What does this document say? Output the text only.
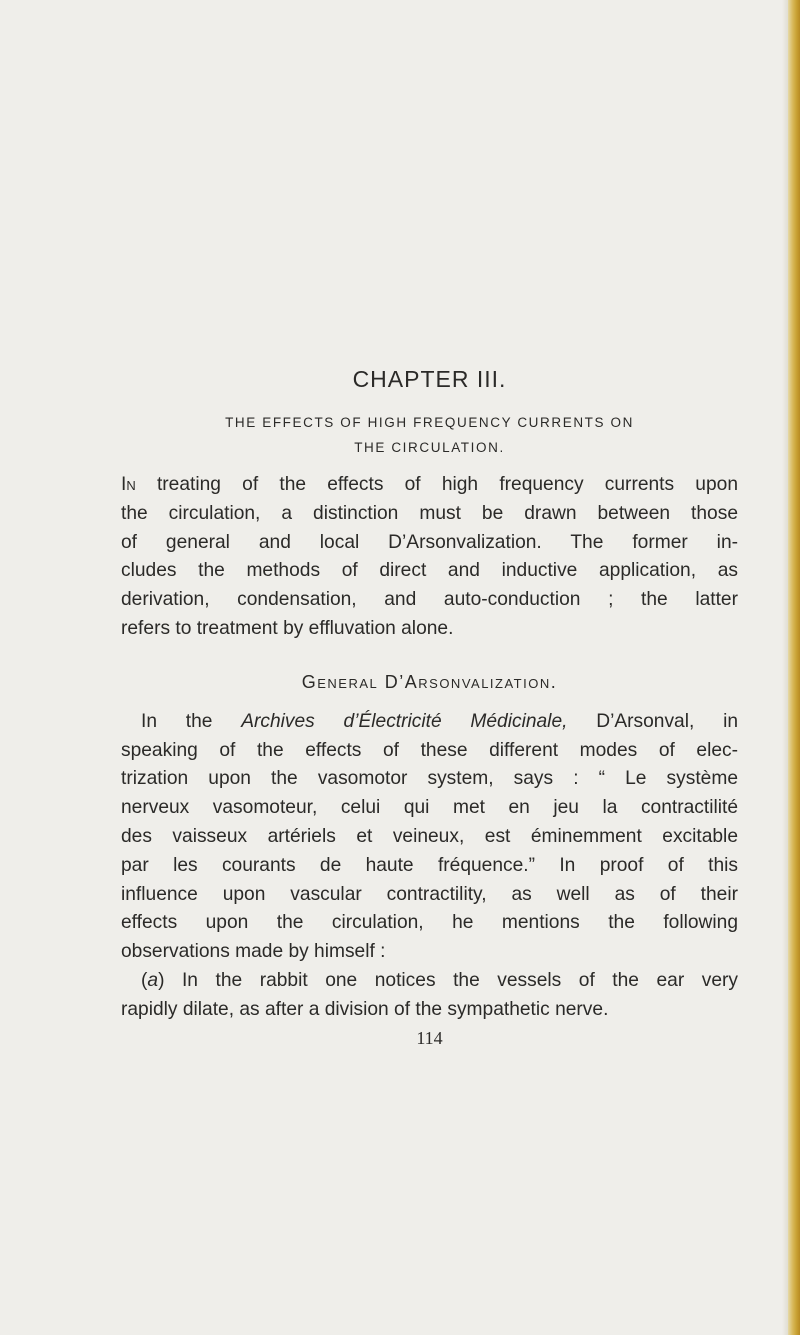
CHAPTER III.
THE EFFECTS OF HIGH FREQUENCY CURRENTS ON
THE CIRCULATION.
In treating of the effects of high frequency currents upon
the circulation, a distinction must be drawn between those
of general and local D’Arsonvalization. The former in-
cludes the methods of direct and inductive application, as
derivation, condensation, and auto-conduction ; the latter
refers to treatment by effluvation alone.
General D’Arsonvalization.
In the Archives d’Électricité Médicinale, D’Arsonval, in
speaking of the effects of these different modes of elec-
trization upon the vasomotor system, says : “ Le système
nerveux vasomoteur, celui qui met en jeu la contractilité
des vaisseux artériels et veineux, est éminemment excitable
par les courants de haute fréquence.” In proof of this
influence upon vascular contractility, as well as of their
effects upon the circulation, he mentions the following
observations made by himself :
(a) In the rabbit one notices the vessels of the ear very
rapidly dilate, as after a division of the sympathetic nerve.
114
